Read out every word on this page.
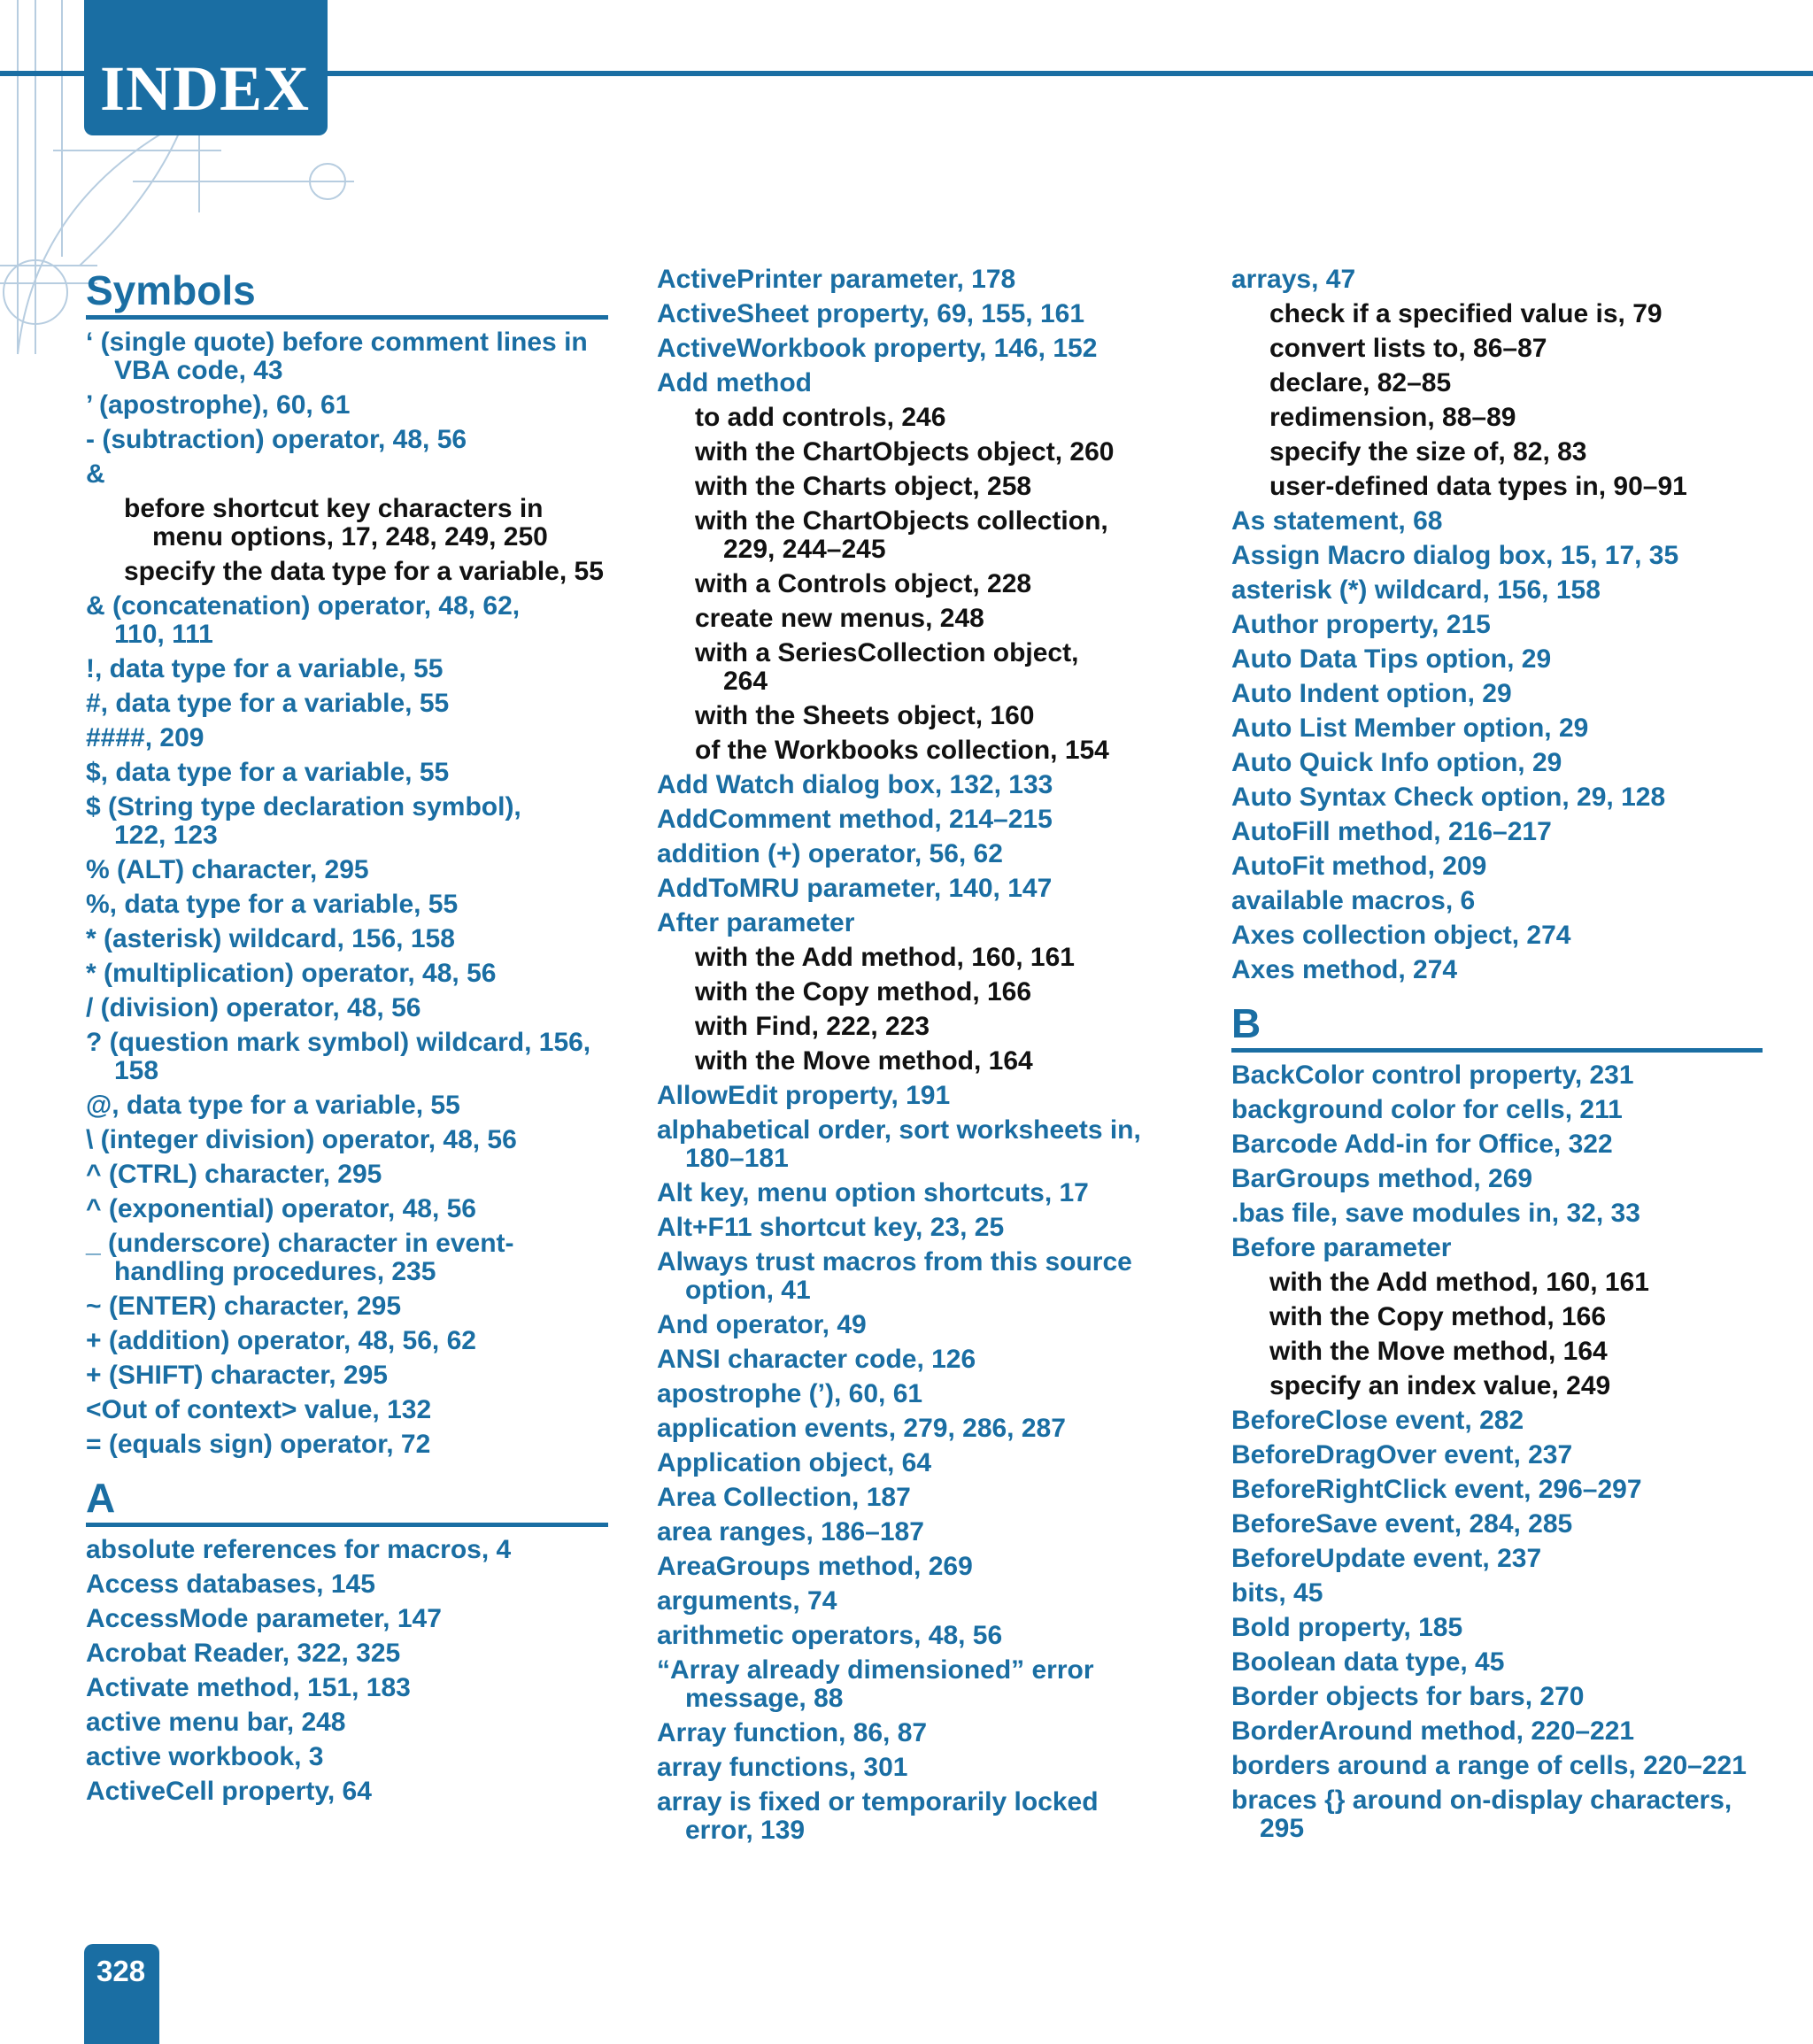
INDEX
Symbols
‘ (single quote) before comment lines in
VBA code, 43
’ (apostrophe), 60, 61
- (subtraction) operator, 48, 56
&
before shortcut key characters in
menu options, 17, 248, 249, 250
specify the data type for a variable, 55
& (concatenation) operator, 48, 62,
110, 111
!, data type for a variable, 55
#, data type for a variable, 55
####, 209
$, data type for a variable, 55
$ (String type declaration symbol),
122, 123
% (ALT) character, 295
%, data type for a variable, 55
* (asterisk) wildcard, 156, 158
* (multiplication) operator, 48, 56
/ (division) operator, 48, 56
? (question mark symbol) wildcard, 156,
158
@, data type for a variable, 55
\ (integer division) operator, 48, 56
^ (CTRL) character, 295
^ (exponential) operator, 48, 56
_ (underscore) character in event-
handling procedures, 235
~ (ENTER) character, 295
+ (addition) operator, 48, 56, 62
+ (SHIFT) character, 295
<Out of context> value, 132
= (equals sign) operator, 72
A
absolute references for macros, 4
Access databases, 145
AccessMode parameter, 147
Acrobat Reader, 322, 325
Activate method, 151, 183
active menu bar, 248
active workbook, 3
ActiveCell property, 64
ActivePrinter parameter, 178
ActiveSheet property, 69, 155, 161
ActiveWorkbook property, 146, 152
Add method
to add controls, 246
with the ChartObjects object, 260
with the Charts object, 258
with the ChartObjects collection,
229, 244–245
with a Controls object, 228
create new menus, 248
with a SeriesCollection object,
264
with the Sheets object, 160
of the Workbooks collection, 154
Add Watch dialog box, 132, 133
AddComment method, 214–215
addition (+) operator, 56, 62
AddToMRU parameter, 140, 147
After parameter
with the Add method, 160, 161
with the Copy method, 166
with Find, 222, 223
with the Move method, 164
AllowEdit property, 191
alphabetical order, sort worksheets in,
180–181
Alt key, menu option shortcuts, 17
Alt+F11 shortcut key, 23, 25
Always trust macros from this source
option, 41
And operator, 49
ANSI character code, 126
apostrophe (’), 60, 61
application events, 279, 286, 287
Application object, 64
Area Collection, 187
area ranges, 186–187
AreaGroups method, 269
arguments, 74
arithmetic operators, 48, 56
“Array already dimensioned” error
message, 88
Array function, 86, 87
array functions, 301
array is fixed or temporarily locked
error, 139
arrays, 47
check if a specified value is, 79
convert lists to, 86–87
declare, 82–85
redimension, 88–89
specify the size of, 82, 83
user-defined data types in, 90–91
As statement, 68
Assign Macro dialog box, 15, 17, 35
asterisk (*) wildcard, 156, 158
Author property, 215
Auto Data Tips option, 29
Auto Indent option, 29
Auto List Member option, 29
Auto Quick Info option, 29
Auto Syntax Check option, 29, 128
AutoFill method, 216–217
AutoFit method, 209
available macros, 6
Axes collection object, 274
Axes method, 274
B
BackColor control property, 231
background color for cells, 211
Barcode Add-in for Office, 322
BarGroups method, 269
.bas file, save modules in, 32, 33
Before parameter
with the Add method, 160, 161
with the Copy method, 166
with the Move method, 164
specify an index value, 249
BeforeClose event, 282
BeforeDragOver event, 237
BeforeRightClick event, 296–297
BeforeSave event, 284, 285
BeforeUpdate event, 237
bits, 45
Bold property, 185
Boolean data type, 45
Border objects for bars, 270
BorderAround method, 220–221
borders around a range of cells, 220–221
braces {} around on-display characters,
295
328
